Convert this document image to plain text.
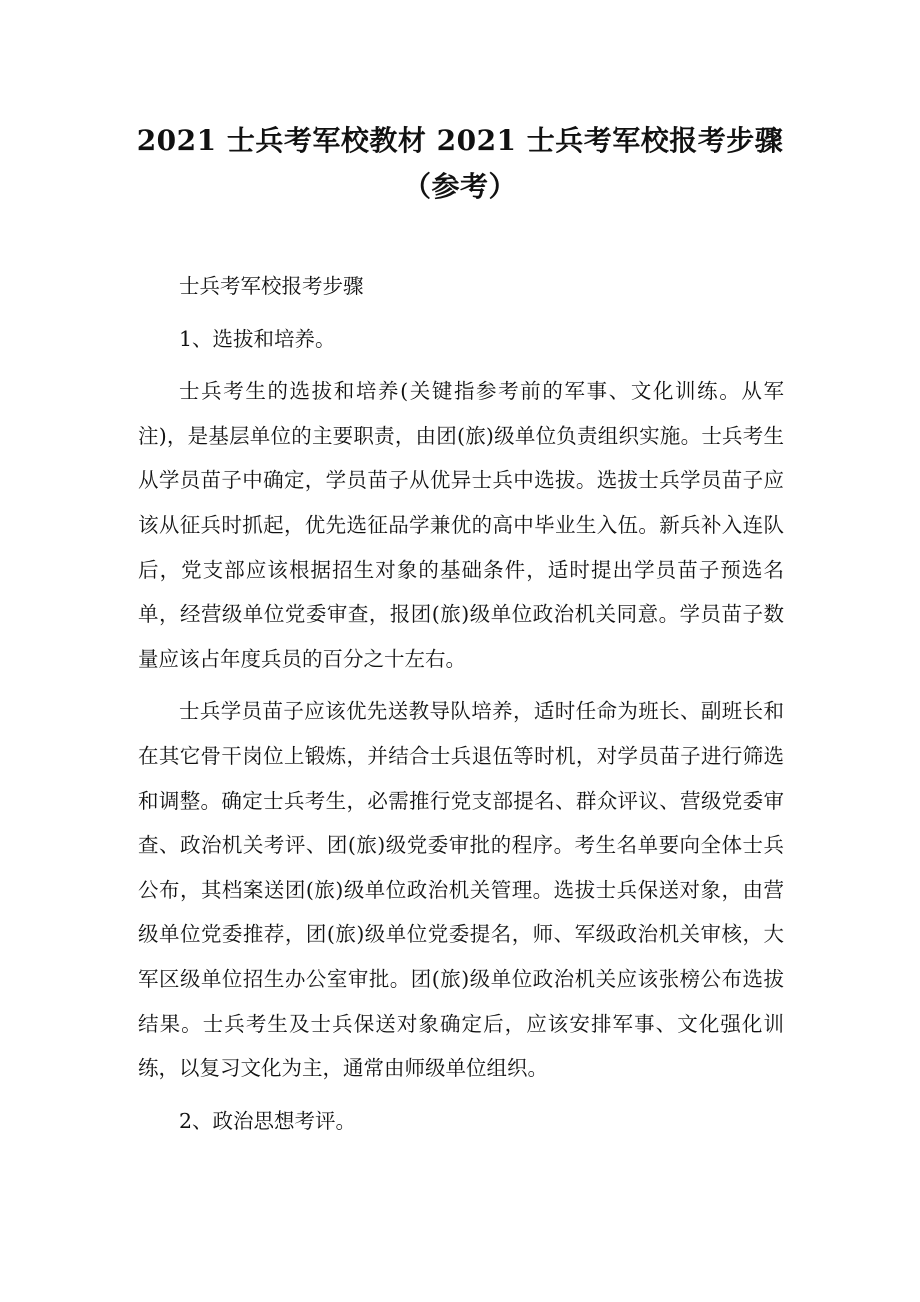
2021 士兵考军校教材 2021 士兵考军校报考步骤（参考）

士兵考军校报考步骤

1、选拔和培养。

士兵考生的选拔和培养(关键指参考前的军事、文化训练。从军注)，是基层单位的主要职责，由团(旅)级单位负责组织实施。士兵考生从学员苗子中确定，学员苗子从优异士兵中选拔。选拔士兵学员苗子应该从征兵时抓起，优先选征品学兼优的高中毕业生入伍。新兵补入连队后，党支部应该根据招生对象的基础条件，适时提出学员苗子预选名单，经营级单位党委审查，报团(旅)级单位政治机关同意。学员苗子数量应该占年度兵员的百分之十左右。

士兵学员苗子应该优先送教导队培养，适时任命为班长、副班长和在其它骨干岗位上锻炼，并结合士兵退伍等时机，对学员苗子进行筛选和调整。确定士兵考生，必需推行党支部提名、群众评议、营级党委审查、政治机关考评、团(旅)级党委审批的程序。考生名单要向全体士兵公布，其档案送团(旅)级单位政治机关管理。选拔士兵保送对象，由营级单位党委推荐，团(旅)级单位党委提名，师、军级政治机关审核，大军区级单位招生办公室审批。团(旅)级单位政治机关应该张榜公布选拔结果。士兵考生及士兵保送对象确定后，应该安排军事、文化强化训练，以复习文化为主，通常由师级单位组织。

2、政治思想考评。
